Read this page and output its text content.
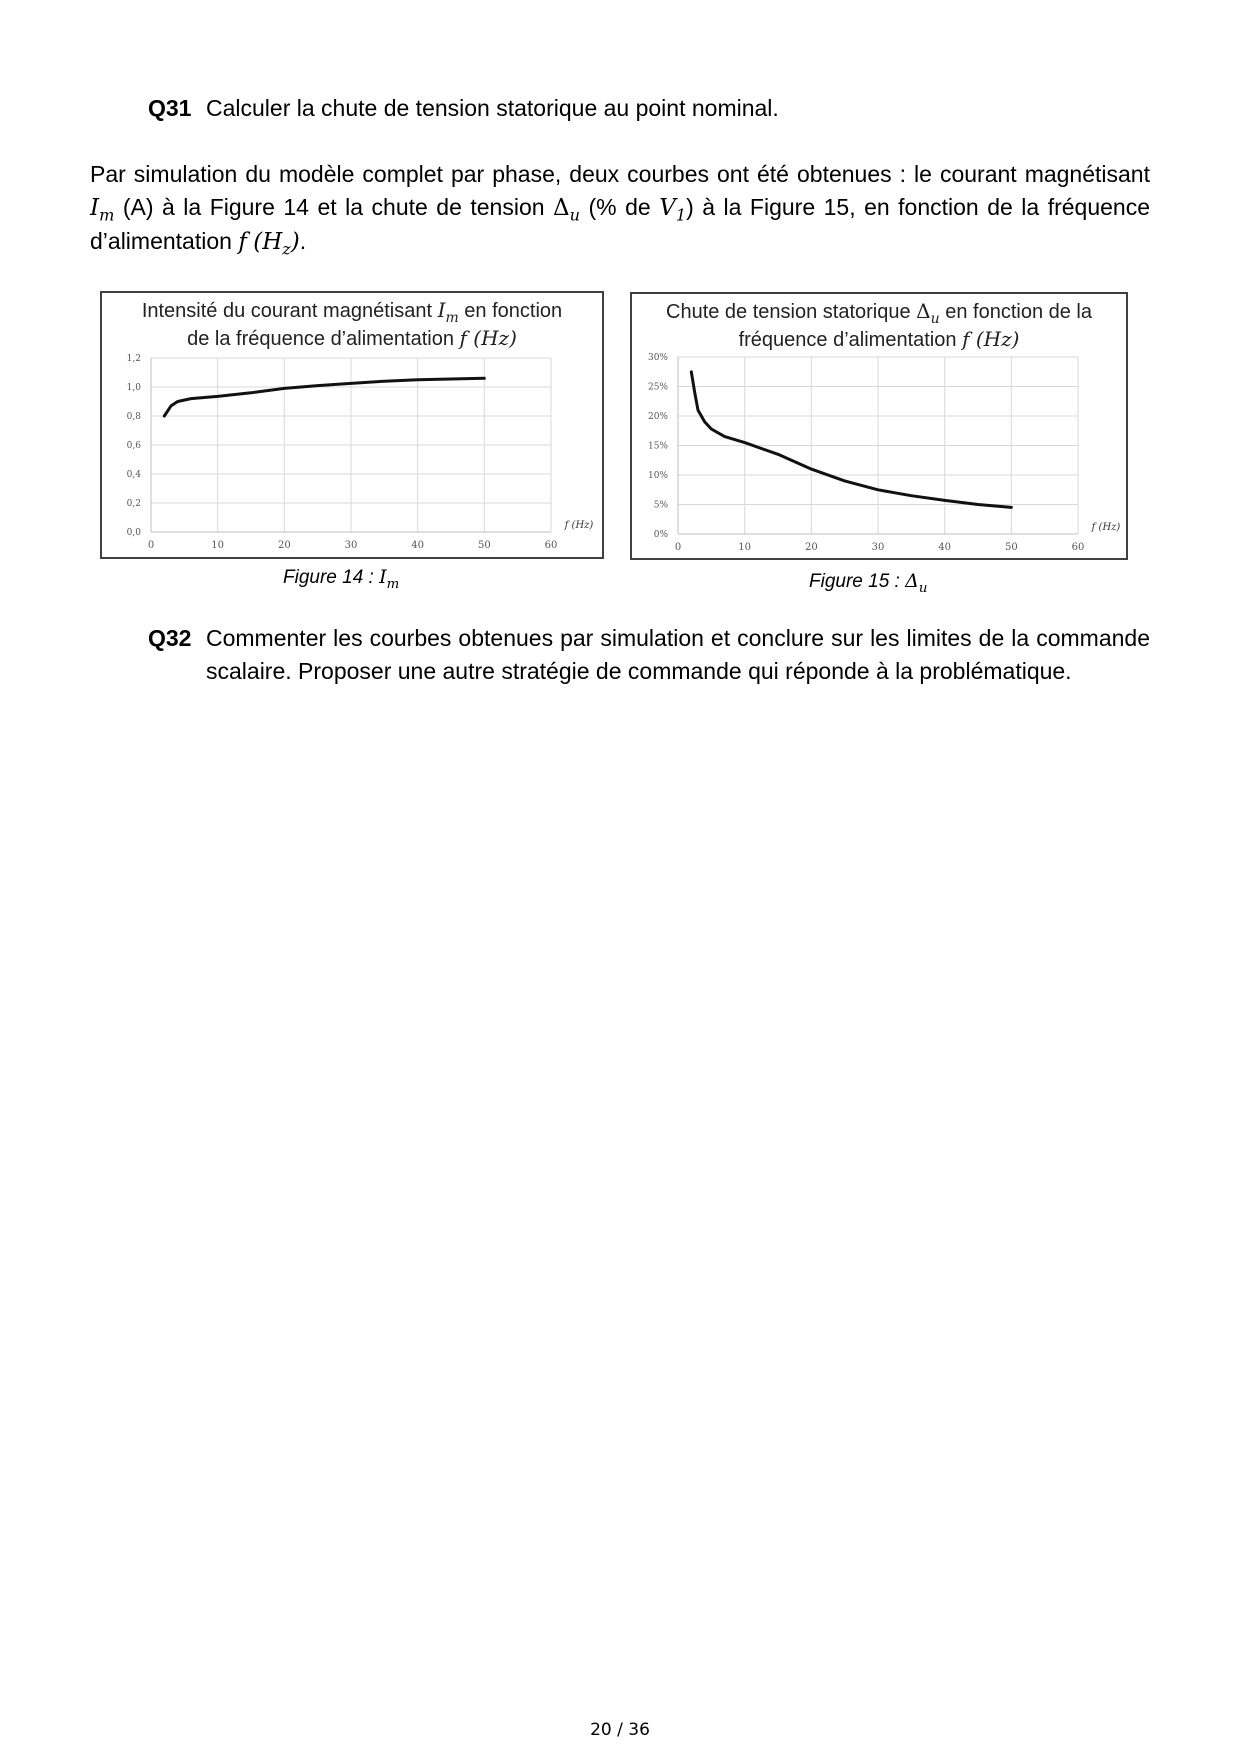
Q31 Calculer la chute de tension statorique au point nominal.
Par simulation du modèle complet par phase, deux courbes ont été obtenues : le courant magnétisant $I_m$ (A) à la Figure 14 et la chute de tension $\Delta_u$ (% de $V_1$) à la Figure 15, en fonction de la fréquence d’alimentation f $(H_z)$.
Intensité du courant magnétisant $I_m$ en fonction
de la fréquence d’alimentation f (Hz)
0	10	20	30	40	50	60
0,0
0,2
0,4
0,6
0,8
1,0
1,2
f (Hz)
Figure 14 : $I_m$
Chute de tension statorique $\Delta_u$ en fonction de la
fréquence d’alimentation f (Hz)
0	10	20	30	40	50	60
0%
5%
10%
15%
20%
25%
30%
f (Hz)
Figure 15 : $\Delta_u$
Q32 Commenter les courbes obtenues par simulation et conclure sur les limites de la commande scalaire. Proposer une autre stratégie de commande qui réponde à la problématique.
20 / 36
